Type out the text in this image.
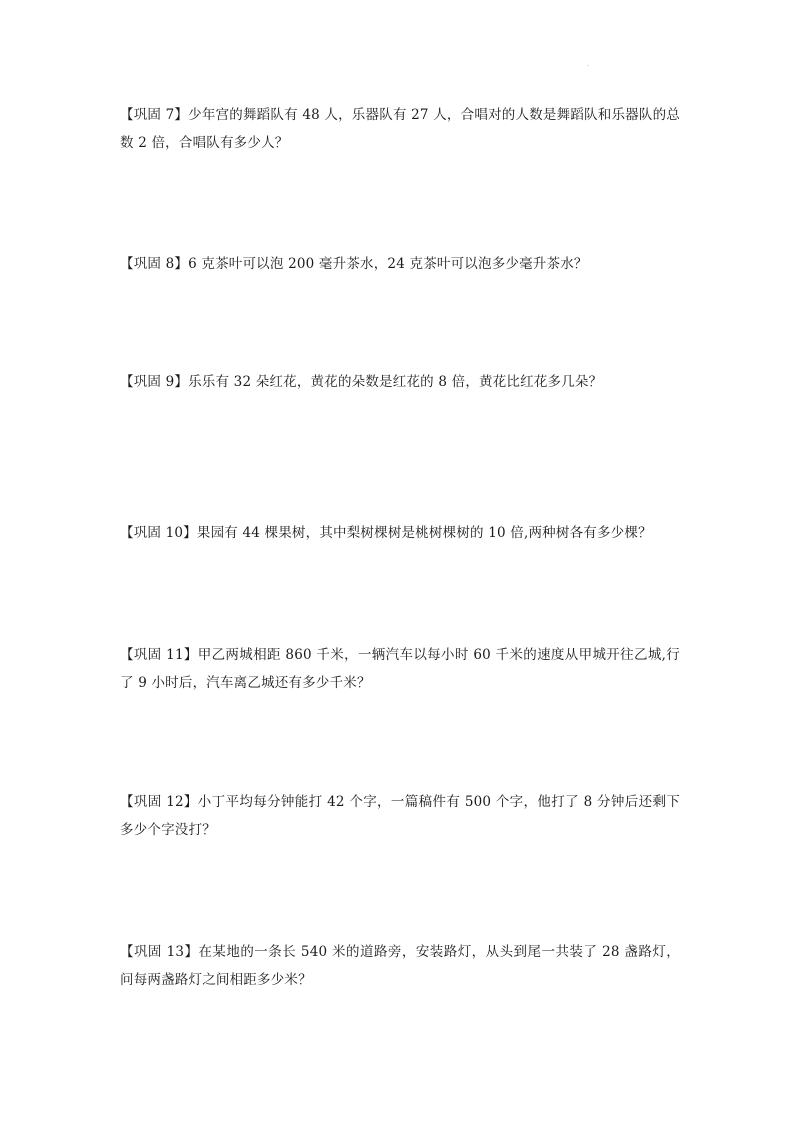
.
【巩固 7】少年宫的舞蹈队有 48 人，乐器队有 27 人，合唱对的人数是舞蹈队和乐器队的总数 2 倍，合唱队有多少人？
【巩固 8】6 克茶叶可以泡 200 毫升茶水，24 克茶叶可以泡多少毫升茶水？
【巩固 9】乐乐有 32 朵红花，黄花的朵数是红花的 8 倍，黄花比红花多几朵？
【巩固 10】果园有 44 棵果树，其中梨树棵树是桃树棵树的 10 倍,两种树各有多少棵？
【巩固 11】甲乙两城相距 860 千米，一辆汽车以每小时 60 千米的速度从甲城开往乙城,行了 9 小时后，汽车离乙城还有多少千米？
【巩固 12】小丁平均每分钟能打 42 个字，一篇稿件有 500 个字，他打了 8 分钟后还剩下多少个字没打？
【巩固 13】在某地的一条长 540 米的道路旁，安装路灯，从头到尾一共装了 28 盏路灯，问每两盏路灯之间相距多少米？
